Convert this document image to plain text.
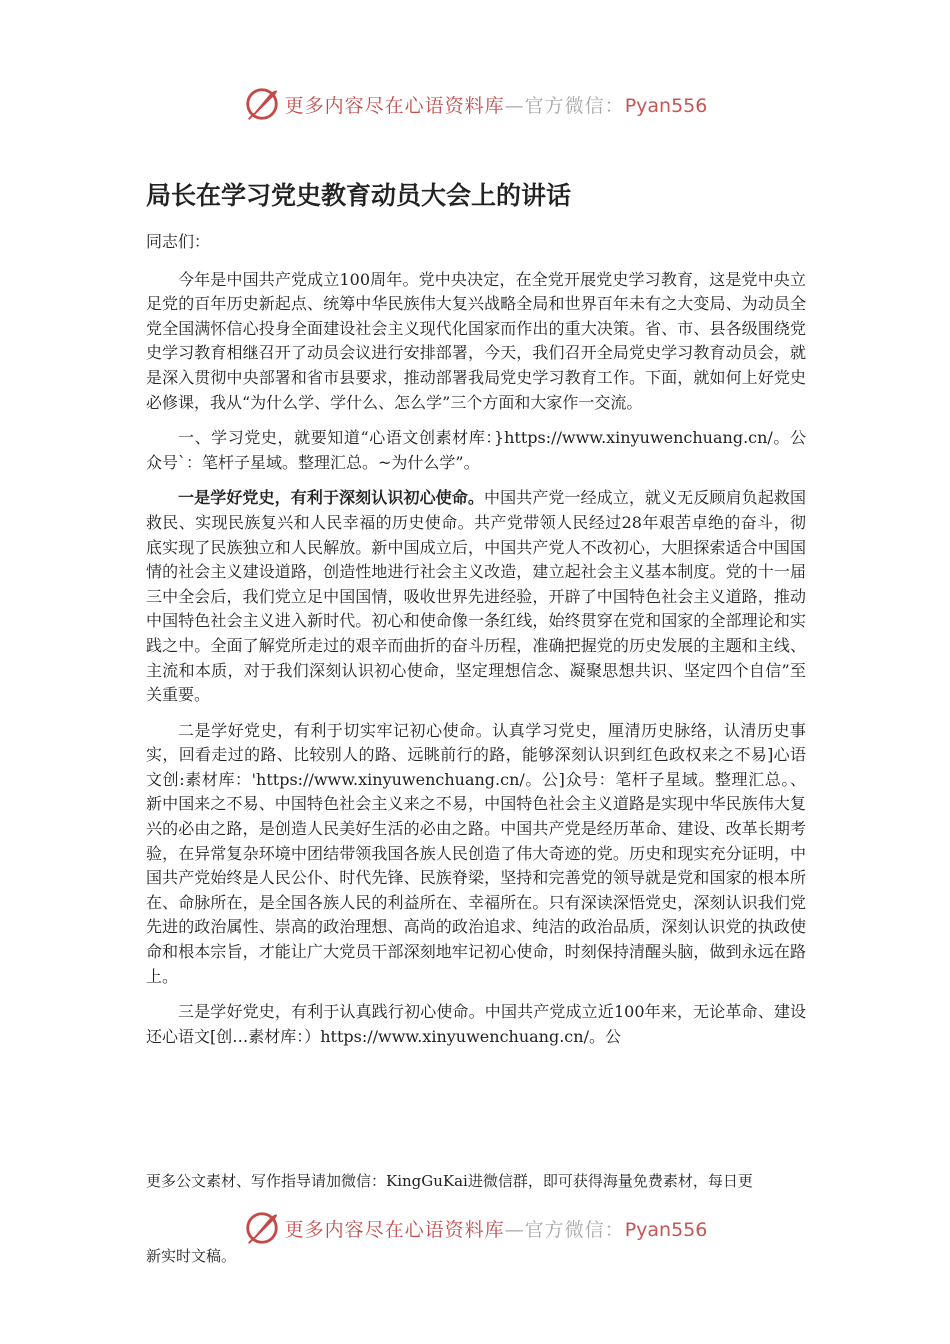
更多内容尽在心语资料库—官方微信：Pyan556
局长在学习党史教育动员大会上的讲话

同志们：

今年是中国共产党成立100周年。党中央决定，在全党开展党史学习教育，这是党中央立足党的百年历史新起点、统筹中华民族伟大复兴战略全局和世界百年未有之大变局、为动员全党全国满怀信心投身全面建设社会主义现代化国家而作出的重大决策。省、市、县各级围绕党史学习教育相继召开了动员会议进行安排部署，今天，我们召开全局党史学习教育动员会，就是深入贯彻中央部署和省市县要求，推动部署我局党史学习教育工作。下面，就如何上好党史必修课，我从“为什么学、学什么、怎么学”三个方面和大家作一交流。

一、学习党史，就要知道“心语文创素材库：}https://www.xinyuwenchuang.cn/。公众号`：笔杆子星域。整理汇总。~为什么学”。

一是学好党史，有利于深刻认识初心使命。中国共产党一经成立，就义无反顾肩负起救国救民、实现民族复兴和人民幸福的历史使命。共产党带领人民经过28年艰苦卓绝的奋斗，彻底实现了民族独立和人民解放。新中国成立后，中国共产党人不改初心，大胆探索适合中国国情的社会主义建设道路，创造性地进行社会主义改造，建立起社会主义基本制度。党的十一届三中全会后，我们党立足中国国情，吸收世界先进经验，开辟了中国特色社会主义道路，推动中国特色社会主义进入新时代。初心和使命像一条红线，始终贯穿在党和国家的全部理论和实践之中。全面了解党所走过的艰辛而曲折的奋斗历程，准确把握党的历史发展的主题和主线、主流和本质，对于我们深刻认识初心使命，坚定理想信念、凝聚思想共识、坚定四个自信”至关重要。

二是学好党史，有利于切实牢记初心使命。认真学习党史，厘清历史脉络，认清历史事实，回看走过的路、比较别人的路、远眺前行的路，能够深刻认识到红色政权来之不易]心语文创:素材库：'https://www.xinyuwenchuang.cn/。公]众号：笔杆子星域。整理汇总。、新中国来之不易、中国特色社会主义来之不易，中国特色社会主义道路是实现中华民族伟大复兴的必由之路，是创造人民美好生活的必由之路。中国共产党是经历革命、建设、改革长期考验，在异常复杂环境中团结带领我国各族人民创造了伟大奇迹的党。历史和现实充分证明，中国共产党始终是人民公仆、时代先锋、民族脊梁，坚持和完善党的领导就是党和国家的根本所在、命脉所在，是全国各族人民的利益所在、幸福所在。只有深读深悟党史，深刻认识我们党先进的政治属性、崇高的政治理想、高尚的政治追求、纯洁的政治品质，深刻认识党的执政使命和根本宗旨，才能让广大党员干部深刻地牢记初心使命，时刻保持清醒头脑，做到永远在路上。

三是学好党史，有利于认真践行初心使命。中国共产党成立近100年来，无论革命、建设还心语文[创…素材库：）https://www.xinyuwenchuang.cn/。公

更多公文素材、写作指导请加微信：KingGuKai进微信群，即可获得海量免费素材，每日更
更多内容尽在心语资料库—官方微信：Pyan556
新实时文稿。
